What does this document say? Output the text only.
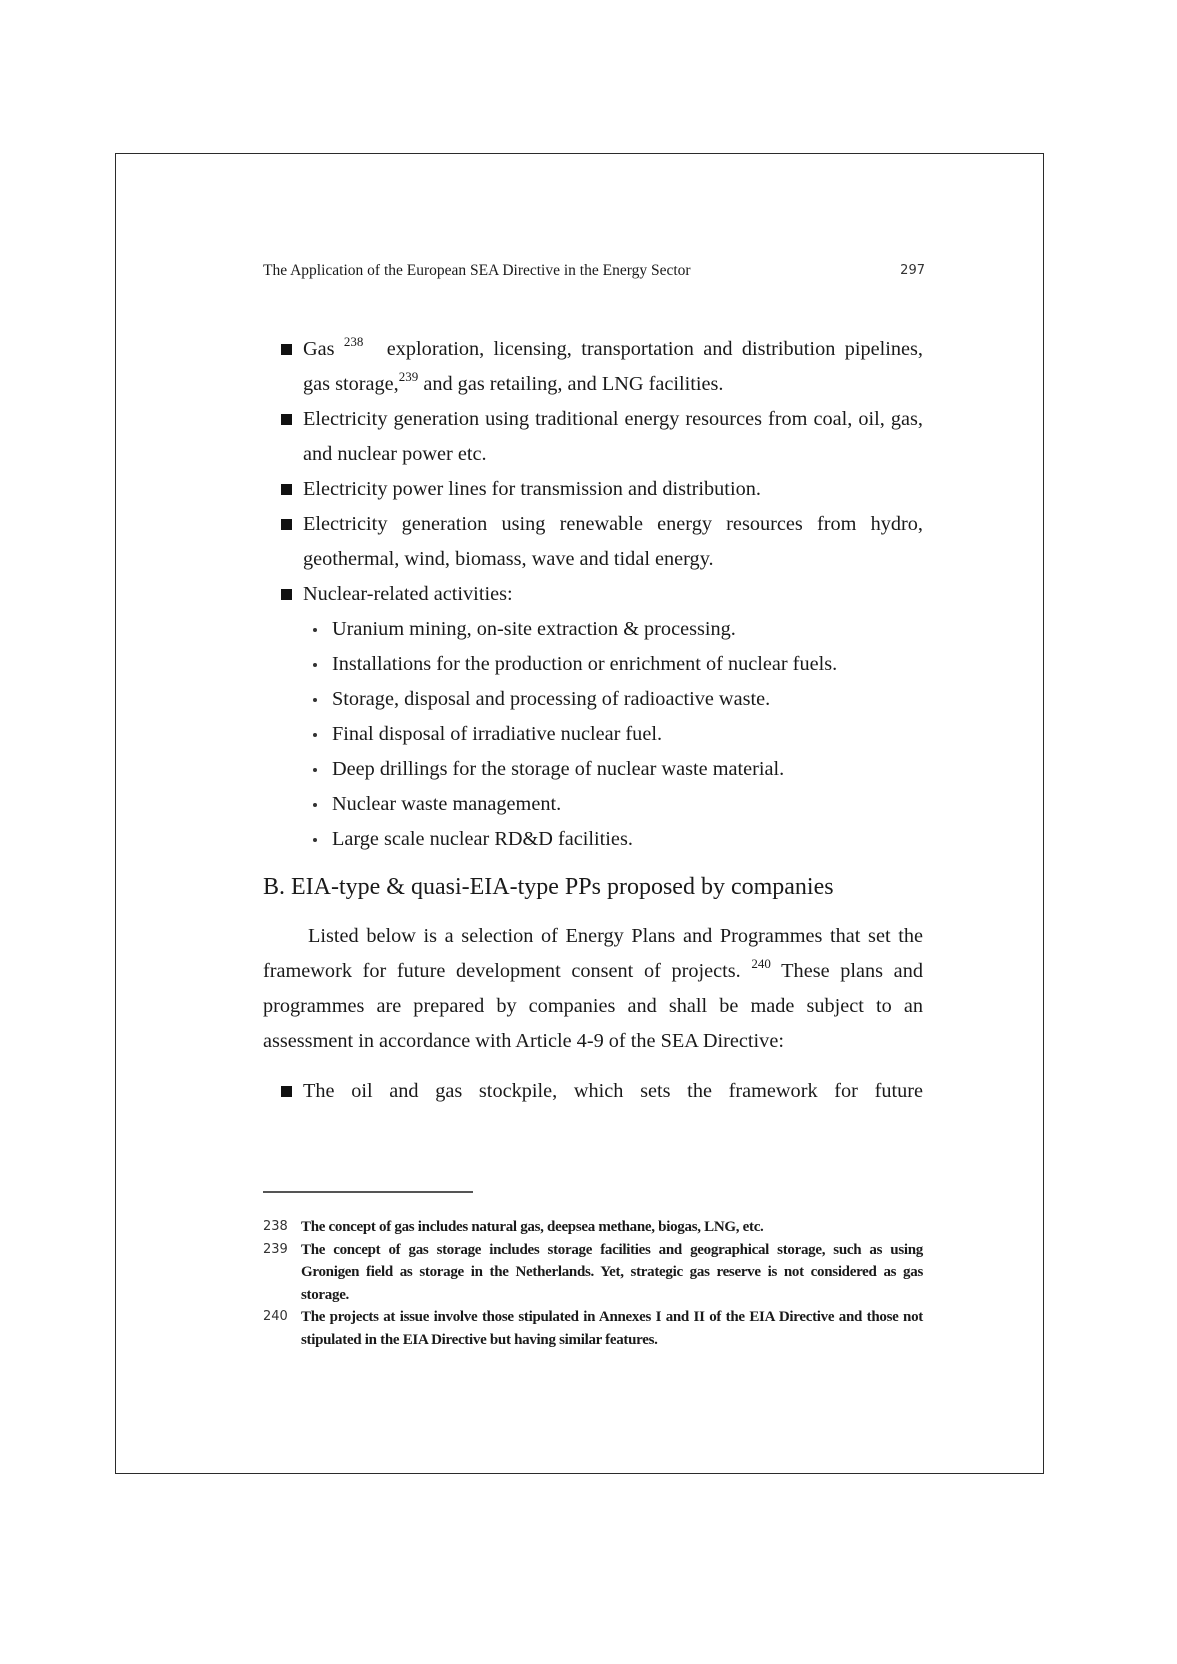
The Application of the European SEA Directive in the Energy Sector	297
Gas $^{238}$ exploration, licensing, transportation and distribution pipelines, gas storage,$^{239}$ and gas retailing, and LNG facilities.
Electricity generation using traditional energy resources from coal, oil, gas, and nuclear power etc.
Electricity power lines for transmission and distribution.
Electricity generation using renewable energy resources from hydro, geothermal, wind, biomass, wave and tidal energy.
Nuclear-related activities:
Uranium mining, on-site extraction & processing.
Installations for the production or enrichment of nuclear fuels.
Storage, disposal and processing of radioactive waste.
Final disposal of irradiative nuclear fuel.
Deep drillings for the storage of nuclear waste material.
Nuclear waste management.
Large scale nuclear RD&D facilities.
B. EIA-type & quasi-EIA-type PPs proposed by companies
Listed below is a selection of Energy Plans and Programmes that set the framework for future development consent of projects. $^{240}$ These plans and programmes are prepared by companies and shall be made subject to an assessment in accordance with Article 4-9 of the SEA Directive:
The oil and gas stockpile, which sets the framework for future
238 The concept of gas includes natural gas, deepsea methane, biogas, LNG, etc.
239 The concept of gas storage includes storage facilities and geographical storage, such as using Gronigen field as storage in the Netherlands. Yet, strategic gas reserve is not considered as gas storage.
240 The projects at issue involve those stipulated in Annexes I and II of the EIA Directive and those not stipulated in the EIA Directive but having similar features.
